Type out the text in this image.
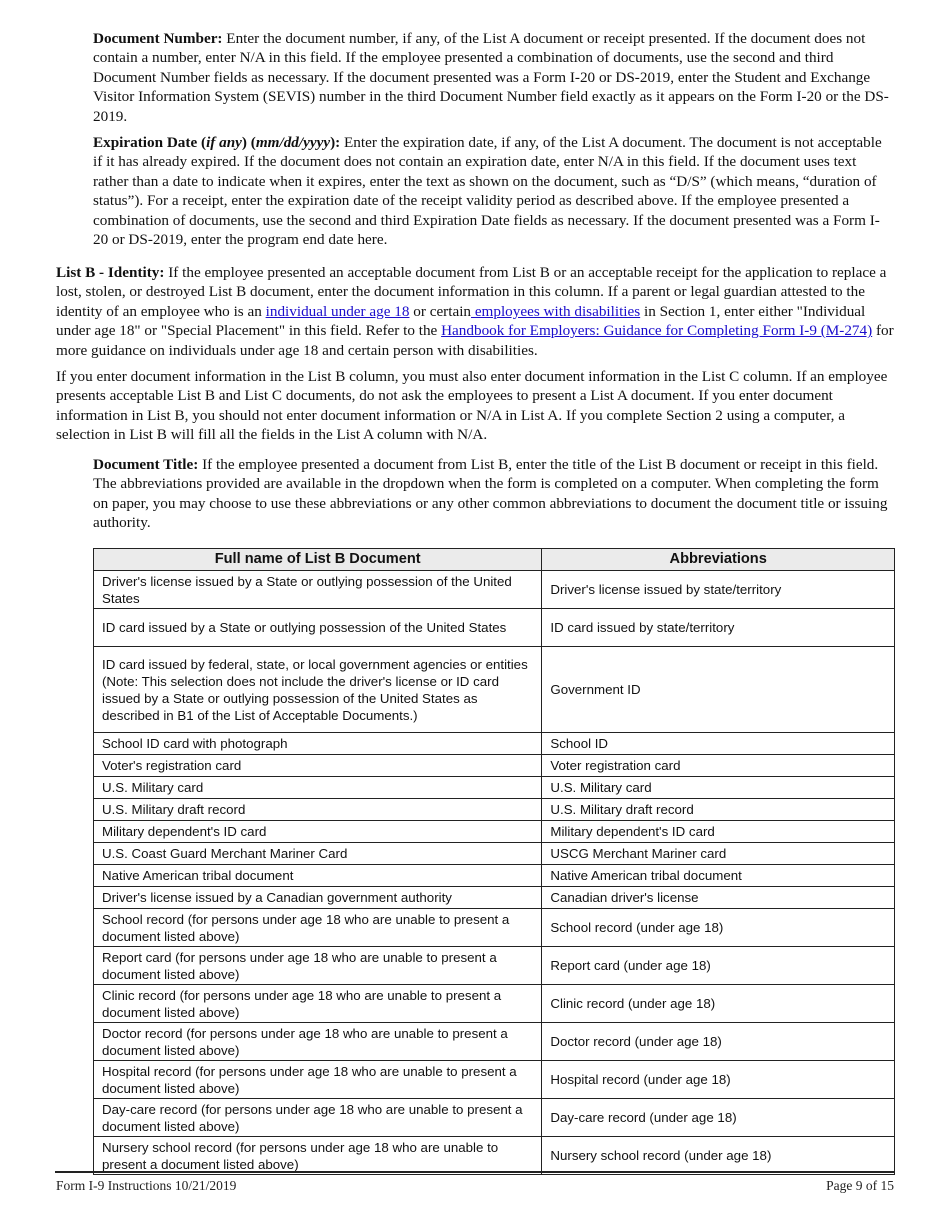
Document Number: Enter the document number, if any, of the List A document or receipt presented. If the document does not contain a number, enter N/A in this field. If the employee presented a combination of documents, use the second and third Document Number fields as necessary. If the document presented was a Form I-20 or DS-2019, enter the Student and Exchange Visitor Information System (SEVIS) number in the third Document Number field exactly as it appears on the Form I-20 or the DS-2019.

Expiration Date (if any) (mm/dd/yyyy): Enter the expiration date, if any, of the List A document. The document is not acceptable if it has already expired. If the document does not contain an expiration date, enter N/A in this field. If the document uses text rather than a date to indicate when it expires, enter the text as shown on the document, such as “D/S” (which means, “duration of status”). For a receipt, enter the expiration date of the receipt validity period as described above. If the employee presented a combination of documents, use the second and third Expiration Date fields as necessary. If the document presented was a Form I-20 or DS-2019, enter the program end date here.

List B - Identity: If the employee presented an acceptable document from List B or an acceptable receipt for the application to replace a lost, stolen, or destroyed List B document, enter the document information in this column. If a parent or legal guardian attested to the identity of an employee who is an individual under age 18 or certain employees with disabilities in Section 1, enter either "Individual under age 18" or "Special Placement" in this field. Refer to the Handbook for Employers: Guidance for Completing Form I-9 (M-274) for more guidance on individuals under age 18 and certain person with disabilities.

If you enter document information in the List B column, you must also enter document information in the List C column. If an employee presents acceptable List B and List C documents, do not ask the employees to present a List A document. If you enter document information in List B, you should not enter document information or N/A in List A. If you complete Section 2 using a computer, a selection in List B will fill all the fields in the List A column with N/A.

Document Title: If the employee presented a document from List B, enter the title of the List B document or receipt in this field. The abbreviations provided are available in the dropdown when the form is completed on a computer. When completing the form on paper, you may choose to use these abbreviations or any other common abbreviations to document the document title or issuing authority.

Full name of List B Document	Abbreviations
Driver's license issued by a State or outlying possession of the United States	Driver's license issued by state/territory
ID card issued by a State or outlying possession of the United States	ID card issued by state/territory
ID card issued by federal, state, or local government agencies or entities (Note: This selection does not include the driver's license or ID card issued by a State or outlying possession of the United States as described in B1 of the List of Acceptable Documents.)	Government ID
School ID card with photograph	School ID
Voter's registration card	Voter registration card
U.S. Military card	U.S. Military card
U.S. Military draft record	U.S. Military draft record
Military dependent's ID card	Military dependent's ID card
U.S. Coast Guard Merchant Mariner Card	USCG Merchant Mariner card
Native American tribal document	Native American tribal document
Driver's license issued by a Canadian government authority	Canadian driver's license
School record (for persons under age 18 who are unable to present a document listed above)	School record (under age 18)
Report card (for persons under age 18 who are unable to present a document listed above)	Report card (under age 18)
Clinic record (for persons under age 18 who are unable to present a document listed above)	Clinic record (under age 18)
Doctor record (for persons under age 18 who are unable to present a document listed above)	Doctor record (under age 18)
Hospital record (for persons under age 18 who are unable to present a document listed above)	Hospital record (under age 18)
Day-care record (for persons under age 18 who are unable to present a document listed above)	Day-care record (under age 18)
Nursery school record (for persons under age 18 who are unable to present a document listed above)	Nursery school record (under age 18)
Form I-9 Instructions 10/21/2019	Page 9 of 15
